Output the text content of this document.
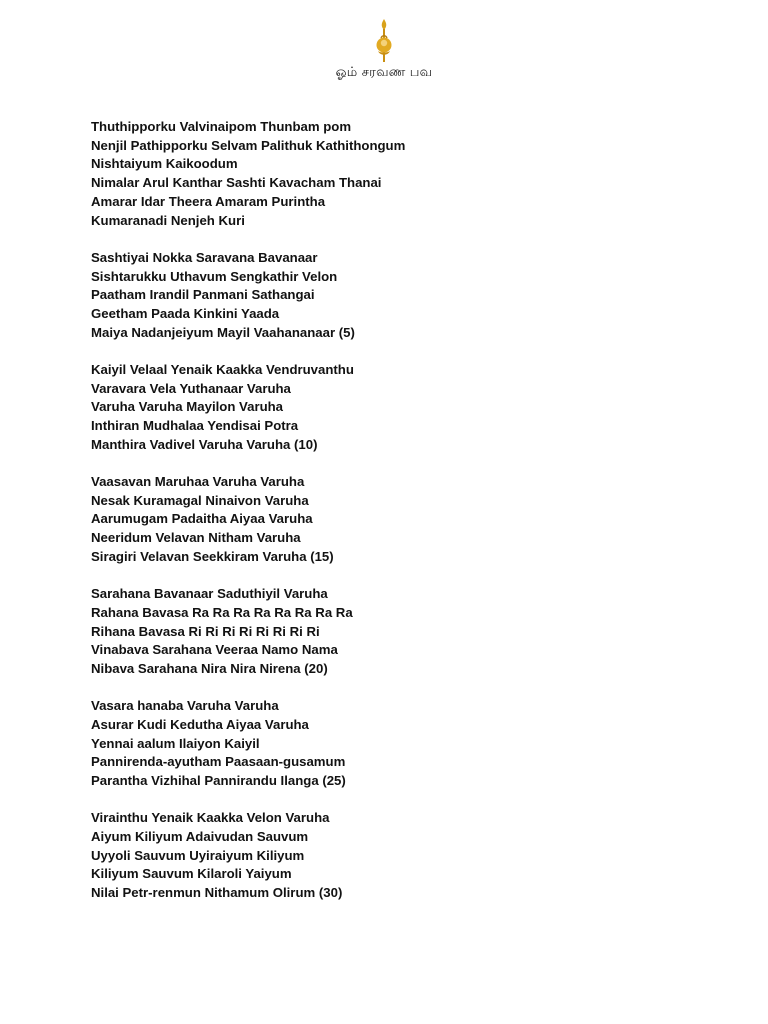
ஓம் சரவண பவ
Thuthipporku Valvinaipom Thunbam pom
Nenjil Pathipporku Selvam Palithuk Kathithongum
Nishtaiyum Kaikoodum
Nimalar Arul Kanthar Sashti Kavacham Thanai
Amarar Idar Theera Amaram Purintha
Kumaranadi Nenjeh Kuri
Sashtiyai Nokka Saravana Bavanaar
Sishtarukku Uthavum Sengkathir Velon
Paatham Irandil Panmani Sathangai
Geetham Paada Kinkini Yaada
Maiya Nadanjeiyum Mayil Vaahananaar (5)
Kaiyil Velaal Yenaik Kaakka Vendruvanthu
Varavara Vela Yuthanaar Varuha
Varuha Varuha Mayilon Varuha
Inthiran Mudhalaa Yendisai Potra
Manthira Vadivel Varuha Varuha (10)
Vaasavan Maruhaa Varuha Varuha
Nesak Kuramagal Ninaivon Varuha
Aarumugam Padaitha Aiyaa Varuha
Neeridum Velavan Nitham Varuha
Siragiri Velavan Seekkiram Varuha (15)
Sarahana Bavanaar Saduthiyil Varuha
Rahana Bavasa Ra Ra Ra Ra Ra Ra Ra Ra
Rihana Bavasa Ri Ri Ri Ri Ri Ri Ri Ri
Vinabava Sarahana Veeraa Namo Nama
Nibava Sarahana Nira Nira Nirena (20)
Vasara hanaba Varuha Varuha
Asurar Kudi Kedutha Aiyaa Varuha
Yennai aalum Ilaiyon Kaiyil
Pannirenda-ayutham Paasaan-gusamum
Parantha Vizhihal Pannirandu Ilanga (25)
Virainthu Yenaik Kaakka Velon Varuha
Aiyum Kiliyum Adaivudan Sauvum
Uyyoli Sauvum Uyiraiyum Kiliyum
Kiliyum Sauvum Kilaroli Yaiyum
Nilai Petr-renmun Nithamum Olirum (30)
